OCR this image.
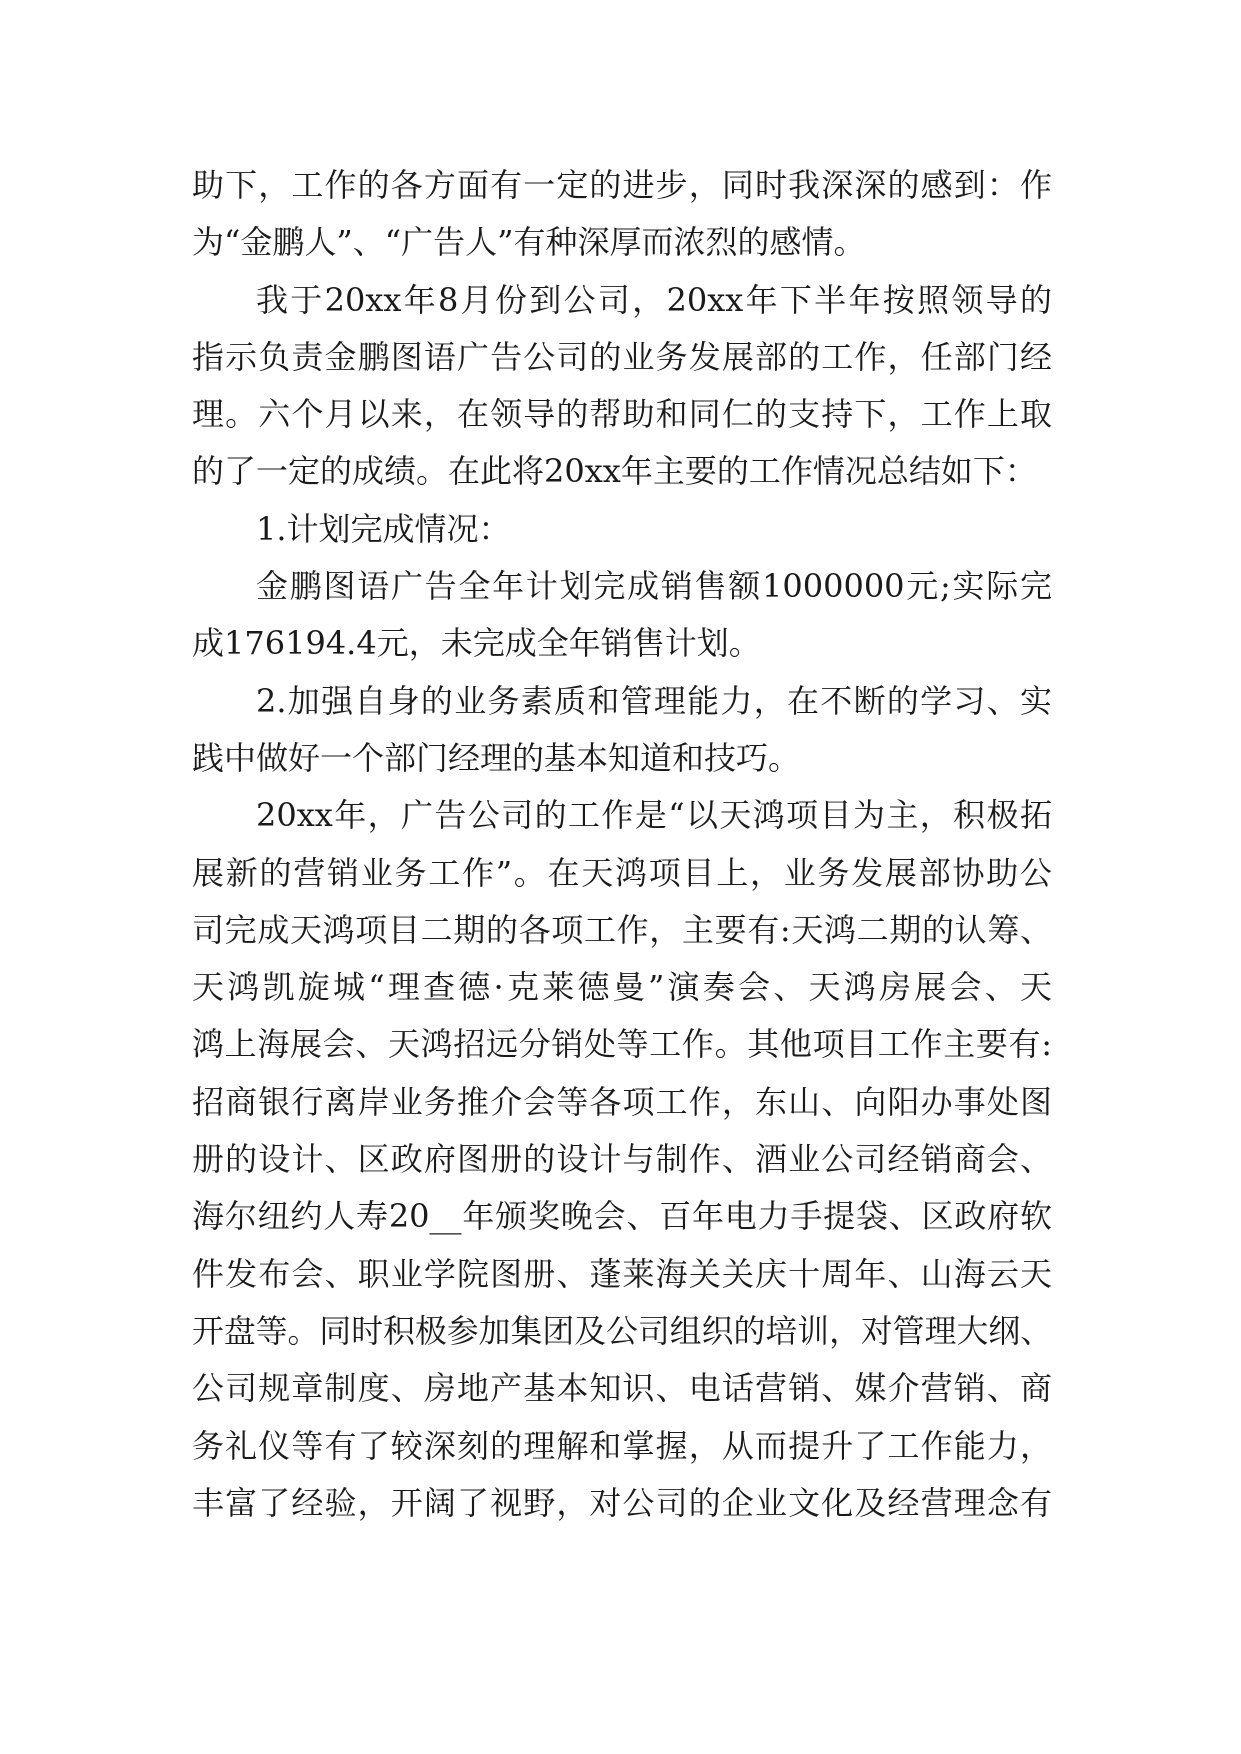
助下，工作的各方面有一定的进步，同时我深深的感到：作
为“金鹏人”、“广告人”有种深厚而浓烈的感情。
我于20xx年8月份到公司，20xx年下半年按照领导的
指示负责金鹏图语广告公司的业务发展部的工作，任部门经
理。六个月以来，在领导的帮助和同仁的支持下，工作上取
的了一定的成绩。在此将20xx年主要的工作情况总结如下：
1.计划完成情况：
金鹏图语广告全年计划完成销售额1000000元;实际完
成176194.4元，未完成全年销售计划。
2.加强自身的业务素质和管理能力，在不断的学习、实
践中做好一个部门经理的基本知道和技巧。
20xx年，广告公司的工作是“以天鸿项目为主，积极拓
展新的营销业务工作”。在天鸿项目上，业务发展部协助公
司完成天鸿项目二期的各项工作，主要有:天鸿二期的认筹、
天鸿凯旋城“理查德·克莱德曼”演奏会、天鸿房展会、天
鸿上海展会、天鸿招远分销处等工作。其他项目工作主要有:
招商银行离岸业务推介会等各项工作，东山、向阳办事处图
册的设计、区政府图册的设计与制作、酒业公司经销商会、
海尔纽约人寿20__年颁奖晚会、百年电力手提袋、区政府软
件发布会、职业学院图册、蓬莱海关关庆十周年、山海云天
开盘等。同时积极参加集团及公司组织的培训，对管理大纲、
公司规章制度、房地产基本知识、电话营销、媒介营销、商
务礼仪等有了较深刻的理解和掌握，从而提升了工作能力，
丰富了经验，开阔了视野，对公司的企业文化及经营理念有
